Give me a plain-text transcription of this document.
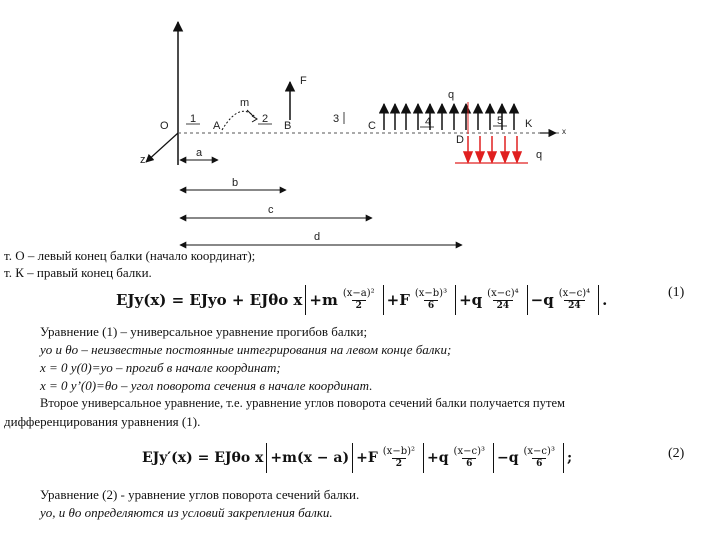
O
z
A	B	C
D
K
x
m
F
q
q
1	2	3	4	5
a
b
c
d
т. О – левый конец балки (начало координат);
т. К – правый конец балки.
EJy(x) = EJyo + EJθo x + m $\frac{\text{(x−a)²}}{2} + F \frac{\text{(x−b)³}}{6} + q \frac{\text{(x−c)⁴}}{24} - q \frac{\text{(x−c)⁴}}{24}$ .	(1)
Уравнение (1) – универсальное уравнение прогибов балки;
yo и θo – неизвестные постоянные интегрирования на левом конце балки;
x = 0 y(0)=yo – прогиб в начале координат;
x = 0 y’(0)=θo – угол поворота сечения в начале координат.
Второе универсальное уравнение, т.е. уравнение углов поворота сечений балки получается путем
дифференцирования уравнения (1).
EJy′(x) = EJθo x + m(x − a) + F $\frac{\text{(x−b)²}}{2} + q \frac{\text{(x−c)³}}{6} - q \frac{\text{(x−c)³}}{6}$ ;	(2)
Уравнение (2) - уравнение углов поворота сечений балки.
yo, и θo определяются из условий закрепления балки.
